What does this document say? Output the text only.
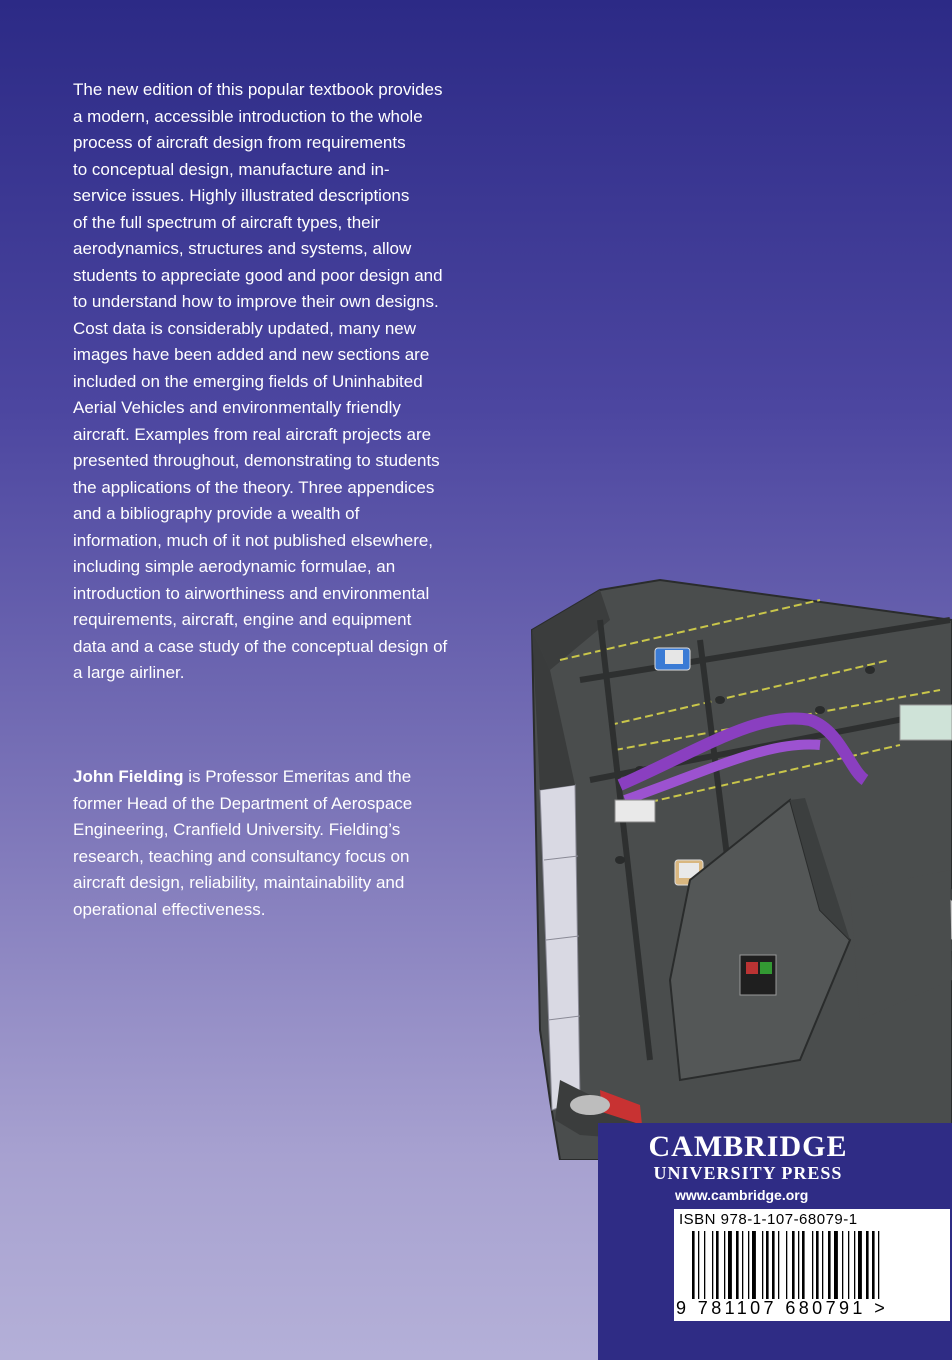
The new edition of this popular textbook provides
a modern, accessible introduction to the whole
process of aircraft design from requirements
to conceptual design, manufacture and in-
service issues. Highly illustrated descriptions
of the full spectrum of aircraft types, their
aerodynamics, structures and systems, allow
students to appreciate good and poor design and
to understand how to improve their own designs.
Cost data is considerably updated, many new
images have been added and new sections are
included on the emerging fields of Uninhabited
Aerial Vehicles and environmentally friendly
aircraft. Examples from real aircraft projects are
presented throughout, demonstrating to students
the applications of the theory. Three appendices
and a bibliography provide a wealth of
information, much of it not published elsewhere,
including simple aerodynamic formulae, an
introduction to airworthiness and environmental
requirements, aircraft, engine and equipment
data and a case study of the conceptual design of
a large airliner.

John Fielding is Professor Emeritas and the
former Head of the Department of Aerospace
Engineering, Cranfield University. Fielding’s
research, teaching and consultancy focus on
aircraft design, reliability, maintainability and
operational effectiveness.

CAMBRIDGE
UNIVERSITY PRESS
www.cambridge.org
ISBN 978-1-107-68079-1
9 781107 680791 >
